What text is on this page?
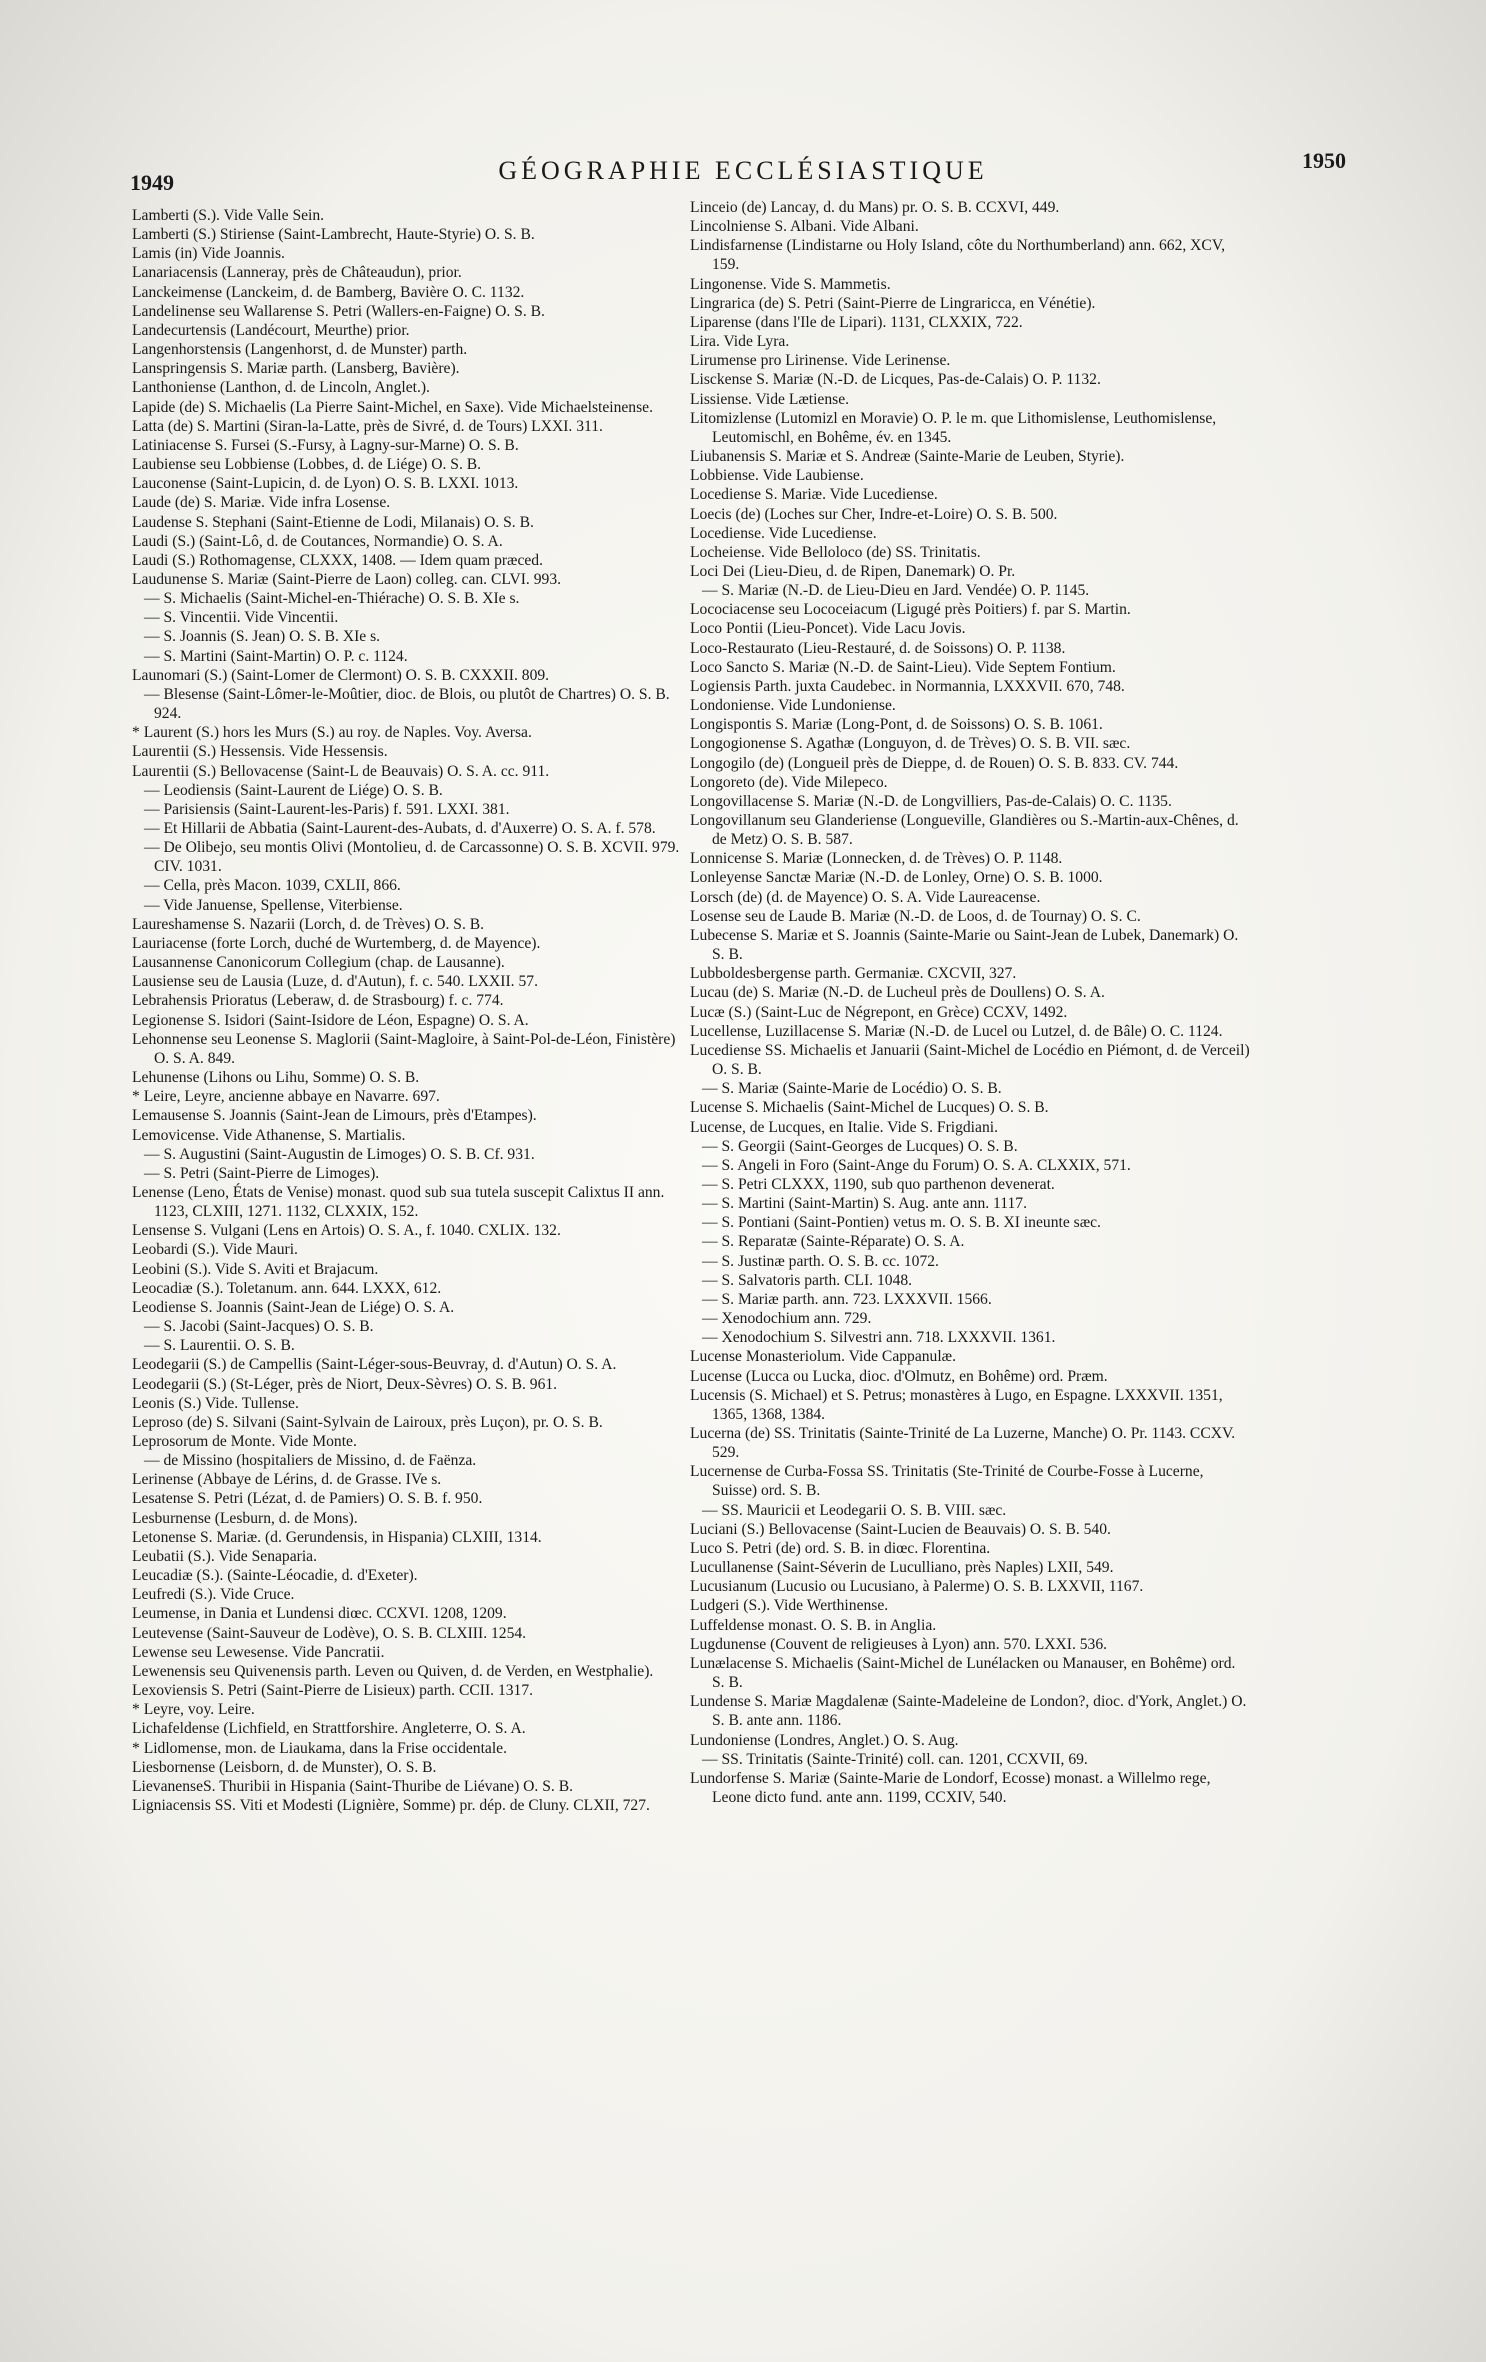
1949	GÉOGRAPHIE ECCLÉSIASTIQUE	1950

Lamberti (S.). Vide Valle Sein.

Lamberti (S.) Stiriense (Saint-Lambrecht, Haute-Styrie) O. S. B.

Lamis (in) Vide Joannis.

Lanariacensis (Lanneray, près de Châteaudun), prior.

Lanckeimense (Lanckeim, d. de Bamberg, Bavière O. C. 1132.

Landelinense seu Wallarense S. Petri (Wallers-en-Faigne) O. S. B.

Landecurtensis (Landécourt, Meurthe) prior.

Langenhorstensis (Langenhorst, d. de Munster) parth.

Lanspringensis S. Mariæ parth. (Lansberg, Bavière).

Lanthoniense (Lanthon, d. de Lincoln, Anglet.).

Lapide (de) S. Michaelis (La Pierre Saint-Michel, en Saxe). Vide Michaelsteinense.

Latta (de) S. Martini (Siran-la-Latte, près de Sivré, d. de Tours) LXXI. 311.

Latiniacense S. Fursei (S.-Fursy, à Lagny-sur-Marne) O. S. B.

Laubiense seu Lobbiense (Lobbes, d. de Liége) O. S. B.

Lauconense (Saint-Lupicin, d. de Lyon) O. S. B. LXXI. 1013.

Laude (de) S. Mariæ. Vide infra Losense.

Laudense S. Stephani (Saint-Etienne de Lodi, Milanais) O. S. B.

Laudi (S.) (Saint-Lô, d. de Coutances, Normandie) O. S. A.

Laudi (S.) Rothomagense, CLXXX, 1408. — Idem quam præced.

Laudunense S. Mariæ (Saint-Pierre de Laon) colleg. can. CLVI. 993.

— S. Michaelis (Saint-Michel-en-Thiérache) O. S. B. XIe s.

— S. Vincentii. Vide Vincentii.

— S. Joannis (S. Jean) O. S. B. XIe s.

— S. Martini (Saint-Martin) O. P. c. 1124.

Launomari (S.) (Saint-Lomer de Clermont) O. S. B. CXXXII. 809.

— Blesense (Saint-Lômer-le-Moûtier, dioc. de Blois, ou plutôt de Chartres) O. S. B. 924.

* Laurent (S.) hors les Murs (S.) au roy. de Naples. Voy. Aversa.

Laurentii (S.) Hessensis. Vide Hessensis.

Laurentii (S.) Bellovacense (Saint-L de Beauvais) O. S. A. cc. 911.

— Leodiensis (Saint-Laurent de Liége) O. S. B.

— Parisiensis (Saint-Laurent-les-Paris) f. 591. LXXI. 381.

— Et Hillarii de Abbatia (Saint-Laurent-des-Aubats, d. d'Auxerre) O. S. A. f. 578.

— De Olibejo, seu montis Olivi (Montolieu, d. de Carcassonne) O. S. B. XCVII. 979. CIV. 1031.

— Cella, près Macon. 1039, CXLII, 866.

— Vide Januense, Spellense, Viterbiense.

Laureshamense S. Nazarii (Lorch, d. de Trèves) O. S. B.

Lauriacense (forte Lorch, duché de Wurtemberg, d. de Mayence).

Lausannense Canonicorum Collegium (chap. de Lausanne).

Lausiense seu de Lausia (Luze, d. d'Autun), f. c. 540. LXXII. 57.

Lebrahensis Prioratus (Leberaw, d. de Strasbourg) f. c. 774.

Legionense S. Isidori (Saint-Isidore de Léon, Espagne) O. S. A.

Lehonnense seu Leonense S. Maglorii (Saint-Magloire, à Saint-Pol-de-Léon, Finistère) O. S. A. 849.

Lehunense (Lihons ou Lihu, Somme) O. S. B.

* Leire, Leyre, ancienne abbaye en Navarre. 697.

Lemausense S. Joannis (Saint-Jean de Limours, près d'Etampes).

Lemovicense. Vide Athanense, S. Martialis.

— S. Augustini (Saint-Augustin de Limoges) O. S. B. Cf. 931.

— S. Petri (Saint-Pierre de Limoges).

Lenense (Leno, États de Venise) monast. quod sub sua tutela suscepit Calixtus II ann. 1123, CLXIII, 1271. 1132, CLXXIX, 152.

Lensense S. Vulgani (Lens en Artois) O. S. A., f. 1040. CXLIX. 132.

Leobardi (S.). Vide Mauri.

Leobini (S.). Vide S. Aviti et Brajacum.

Leocadiæ (S.). Toletanum. ann. 644. LXXX, 612.

Leodiense S. Joannis (Saint-Jean de Liége) O. S. A.

— S. Jacobi (Saint-Jacques) O. S. B.

— S. Laurentii. O. S. B.

Leodegarii (S.) de Campellis (Saint-Léger-sous-Beuvray, d. d'Autun) O. S. A.

Leodegarii (S.) (St-Léger, près de Niort, Deux-Sèvres) O. S. B. 961.

Leonis (S.) Vide. Tullense.

Leproso (de) S. Silvani (Saint-Sylvain de Lairoux, près Luçon), pr. O. S. B.

Leprosorum de Monte. Vide Monte.

— de Missino (hospitaliers de Missino, d. de Faënza.

Lerinense (Abbaye de Lérins, d. de Grasse. IVe s.

Lesatense S. Petri (Lézat, d. de Pamiers) O. S. B. f. 950.

Lesburnense (Lesburn, d. de Mons).

Letonense S. Mariæ. (d. Gerundensis, in Hispania) CLXIII, 1314.

Leubatii (S.). Vide Senaparia.

Leucadiæ (S.). (Sainte-Léocadie, d. d'Exeter).

Leufredi (S.). Vide Cruce.

Leumense, in Dania et Lundensi diœc. CCXVI. 1208, 1209.

Leutevense (Saint-Sauveur de Lodève), O. S. B. CLXIII. 1254.

Lewense seu Lewesense. Vide Pancratii.

Lewenensis seu Quivenensis parth. Leven ou Quiven, d. de Verden, en Westphalie).

Lexoviensis S. Petri (Saint-Pierre de Lisieux) parth. CCII. 1317.

* Leyre, voy. Leire.

Lichafeldense (Lichfield, en Strattforshire. Angleterre, O. S. A.

* Lidlomense, mon. de Liaukama, dans la Frise occidentale.

Liesbornense (Leisborn, d. de Munster), O. S. B.

LievanenseS. Thuribii in Hispania (Saint-Thuribe de Liévane) O. S. B.

Ligniacensis SS. Viti et Modesti (Lignière, Somme) pr. dép. de Cluny. CLXII, 727.

Linceio (de) Lancay, d. du Mans) pr. O. S. B. CCXVI, 449.

Lincolniense S. Albani. Vide Albani.

Lindisfarnense (Lindistarne ou Holy Island, côte du Northumberland) ann. 662, XCV, 159.

Lingonense. Vide S. Mammetis.

Lingrarica (de) S. Petri (Saint-Pierre de Lingraricca, en Vénétie).

Liparense (dans l'Ile de Lipari). 1131, CLXXIX, 722.

Lira. Vide Lyra.

Lirumense pro Lirinense. Vide Lerinense.

Lisckense S. Mariæ (N.-D. de Licques, Pas-de-Calais) O. P. 1132.

Lissiense. Vide Lætiense.

Litomizlense (Lutomizl en Moravie) O. P. le m. que Lithomislense, Leuthomislense, Leutomischl, en Bohême, év. en 1345.

Liubanensis S. Mariæ et S. Andreæ (Sainte-Marie de Leuben, Styrie).

Lobbiense. Vide Laubiense.

Locediense S. Mariæ. Vide Lucediense.

Loecis (de) (Loches sur Cher, Indre-et-Loire) O. S. B. 500.

Locediense. Vide Lucediense.

Locheiense. Vide Belloloco (de) SS. Trinitatis.

Loci Dei (Lieu-Dieu, d. de Ripen, Danemark) O. Pr.

— S. Mariæ (N.-D. de Lieu-Dieu en Jard. Vendée) O. P. 1145.

Locociacense seu Lococeiacum (Ligugé près Poitiers) f. par S. Martin.

Loco Pontii (Lieu-Poncet). Vide Lacu Jovis.

Loco-Restaurato (Lieu-Restauré, d. de Soissons) O. P. 1138.

Loco Sancto S. Mariæ (N.-D. de Saint-Lieu). Vide Septem Fontium.

Logiensis Parth. juxta Caudebec. in Normannia, LXXXVII. 670, 748.

Londoniense. Vide Lundoniense.

Longispontis S. Mariæ (Long-Pont, d. de Soissons) O. S. B. 1061.

Longogionense S. Agathæ (Longuyon, d. de Trèves) O. S. B. VII. sæc.

Longogilo (de) (Longueil près de Dieppe, d. de Rouen) O. S. B. 833. CV. 744.

Longoreto (de). Vide Milepeco.

Longovillacense S. Mariæ (N.-D. de Longvilliers, Pas-de-Calais) O. C. 1135.

Longovillanum seu Glanderiense (Longueville, Glandières ou S.-Martin-aux-Chênes, d. de Metz) O. S. B. 587.

Lonnicense S. Mariæ (Lonnecken, d. de Trèves) O. P. 1148.

Lonleyense Sanctæ Mariæ (N.-D. de Lonley, Orne) O. S. B. 1000.

Lorsch (de) (d. de Mayence) O. S. A. Vide Laureacense.

Losense seu de Laude B. Mariæ (N.-D. de Loos, d. de Tournay) O. S. C.

Lubecense S. Mariæ et S. Joannis (Sainte-Marie ou Saint-Jean de Lubek, Danemark) O. S. B.

Lubboldesbergense parth. Germaniæ. CXCVII, 327.

Lucau (de) S. Mariæ (N.-D. de Lucheul près de Doullens) O. S. A.

Lucæ (S.) (Saint-Luc de Négrepont, en Grèce) CCXV, 1492.

Lucellense, Luzillacense S. Mariæ (N.-D. de Lucel ou Lutzel, d. de Bâle) O. C. 1124.

Lucediense SS. Michaelis et Januarii (Saint-Michel de Locédio en Piémont, d. de Verceil) O. S. B.

— S. Mariæ (Sainte-Marie de Locédio) O. S. B.

Lucense S. Michaelis (Saint-Michel de Lucques) O. S. B.

Lucense, de Lucques, en Italie. Vide S. Frigdiani.

— S. Georgii (Saint-Georges de Lucques) O. S. B.

— S. Angeli in Foro (Saint-Ange du Forum) O. S. A. CLXXIX, 571.

— S. Petri CLXXX, 1190, sub quo parthenon devenerat.

— S. Martini (Saint-Martin) S. Aug. ante ann. 1117.

— S. Pontiani (Saint-Pontien) vetus m. O. S. B. XI ineunte sæc.

— S. Reparatæ (Sainte-Réparate) O. S. A.

— S. Justinæ parth. O. S. B. cc. 1072.

— S. Salvatoris parth. CLI. 1048.

— S. Mariæ parth. ann. 723. LXXXVII. 1566.

— Xenodochium ann. 729.

— Xenodochium S. Silvestri ann. 718. LXXXVII. 1361.

Lucense Monasteriolum. Vide Cappanulæ.

Lucense (Lucca ou Lucka, dioc. d'Olmutz, en Bohême) ord. Præm.

Lucensis (S. Michael) et S. Petrus; monastères à Lugo, en Espagne. LXXXVII. 1351, 1365, 1368, 1384.

Lucerna (de) SS. Trinitatis (Sainte-Trinité de La Luzerne, Manche) O. Pr. 1143. CCXV. 529.

Lucernense de Curba-Fossa SS. Trinitatis (Ste-Trinité de Courbe-Fosse à Lucerne, Suisse) ord. S. B.

— SS. Mauricii et Leodegarii O. S. B. VIII. sæc.

Luciani (S.) Bellovacense (Saint-Lucien de Beauvais) O. S. B. 540.

Luco S. Petri (de) ord. S. B. in diœc. Florentina.

Lucullanense (Saint-Séverin de Luculliano, près Naples) LXII, 549.

Lucusianum (Lucusio ou Lucusiano, à Palerme) O. S. B. LXXVII, 1167.

Ludgeri (S.). Vide Werthinense.

Luffeldense monast. O. S. B. in Anglia.

Lugdunense (Couvent de religieuses à Lyon) ann. 570. LXXI. 536.

Lunælacense S. Michaelis (Saint-Michel de Lunélacken ou Manauser, en Bohême) ord. S. B.

Lundense S. Mariæ Magdalenæ (Sainte-Madeleine de London?, dioc. d'York, Anglet.) O. S. B. ante ann. 1186.

Lundoniense (Londres, Anglet.) O. S. Aug.

— SS. Trinitatis (Sainte-Trinité) coll. can. 1201, CCXVII, 69.

Lundorfense S. Mariæ (Sainte-Marie de Londorf, Ecosse) monast. a Willelmo rege, Leone dicto fund. ante ann. 1199, CCXIV, 540.
